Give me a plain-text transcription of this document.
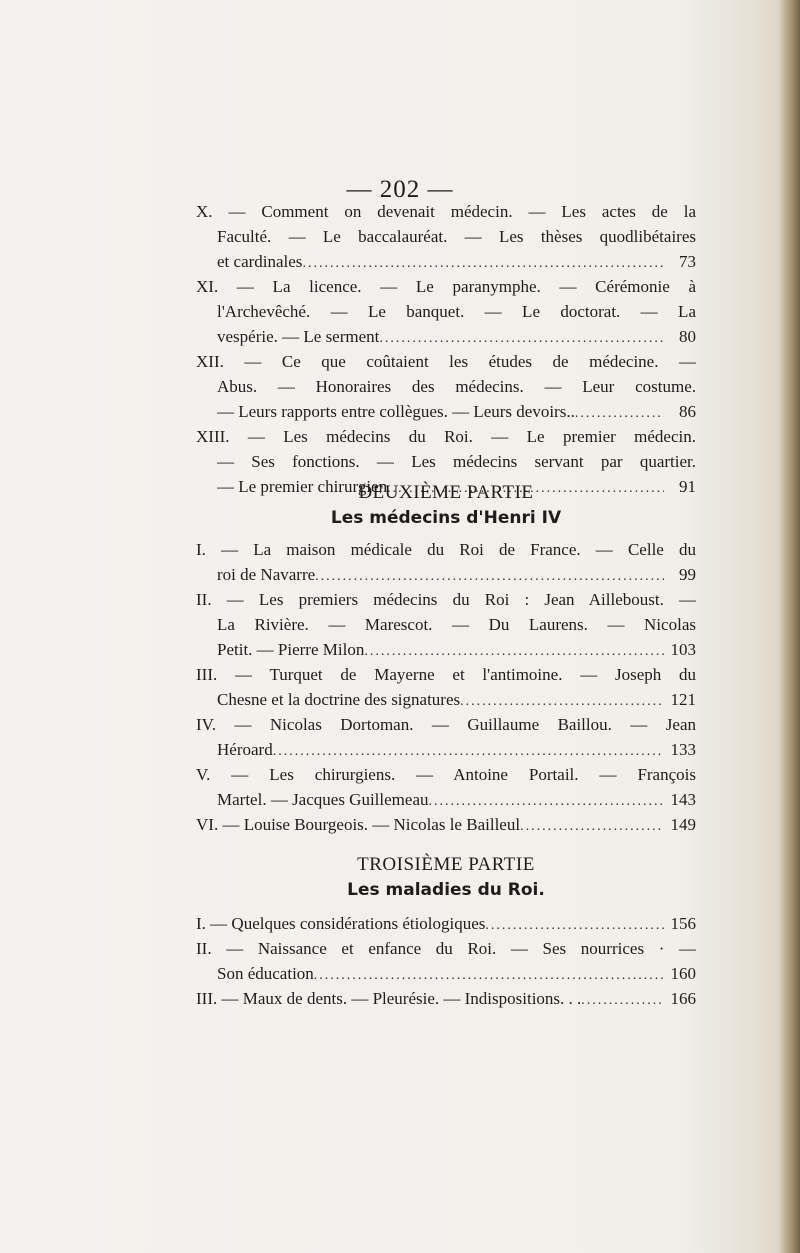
— 202 —
X. — Comment on devenait médecin. — Les actes de la
Faculté. — Le baccalauréat. — Les thèses quodlibétaires
et cardinales .....	73
XI. — La licence. — Le paranymphe. — Cérémonie à
l'Archevêché. — Le banquet. — Le doctorat. — La
vespérie. — Le serment .....	80
XII. — Ce que coûtaient les études de médecine. —
Abus. — Honoraires des médecins. — Leur costume.
— Leurs rapports entre collègues. — Leurs devoirs.. .....	86
XIII. — Les médecins du Roi. — Le premier médecin.
— Ses fonctions. — Les médecins servant par quartier.
— Le premier chirurgien .....	91
DEUXIÈME PARTIE
Les médecins d'Henri IV
I. — La maison médicale du Roi de France. — Celle du
roi de Navarre .....	99
II. — Les premiers médecins du Roi : Jean Ailleboust. —
La Rivière. — Marescot. — Du Laurens. — Nicolas
Petit. — Pierre Milon .....	103
III. — Turquet de Mayerne et l'antimoine. — Joseph du
Chesne et la doctrine des signatures .....	121
IV. — Nicolas Dortoman. — Guillaume Baillou. — Jean
Héroard .....	133
V. — Les chirurgiens. — Antoine Portail. — François
Martel. — Jacques Guillemeau .....	143
VI. — Louise Bourgeois. — Nicolas le Bailleul .....	149
TROISIÈME PARTIE
Les maladies du Roi.
I. — Quelques considérations étiologiques .....	156
II. — Naissance et enfance du Roi. — Ses nourrices · —
Son éducation .....	160
III. — Maux de dents. — Pleurésie. — Indispositions. . . .....	166
